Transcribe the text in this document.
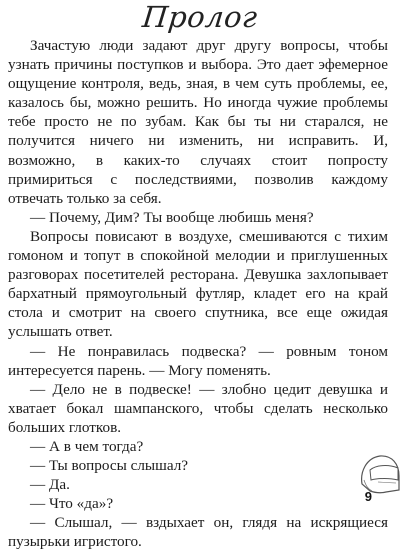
Пролог

Зачастую люди задают друг другу вопросы, чтобы узнать причины поступков и выбора. Это дает эфемерное ощущение контроля, ведь, зная, в чем суть проблемы, ее, казалось бы, можно решить. Но иногда чужие проблемы тебе просто не по зубам. Как бы ты ни старался, не получится ничего ни изменить, ни исправить. И, возможно, в каких-то случаях стоит попросту примириться с последствиями, позволив каждому отвечать только за себя.

— Почему, Дим? Ты вообще любишь меня?

Вопросы повисают в воздухе, смешиваются с тихим гомоном и топут в спокойной мелодии и приглушенных разговорах посетителей ресторана. Девушка захлопывает бархатный прямоугольный футляр, кладет его на край стола и смотрит на своего спутника, все еще ожидая услышать ответ.

— Не понравилась подвеска? — ровным тоном интересуется парень. — Могу поменять.

— Дело не в подвеске! — злобно цедит девушка и хватает бокал шампанского, чтобы сделать несколько больших глотков.

— А в чем тогда?

— Ты вопросы слышал?

— Да.

— Что «да»?

— Слышал, — вздыхает он, глядя на искрящиеся пузырьки игристого.

9
